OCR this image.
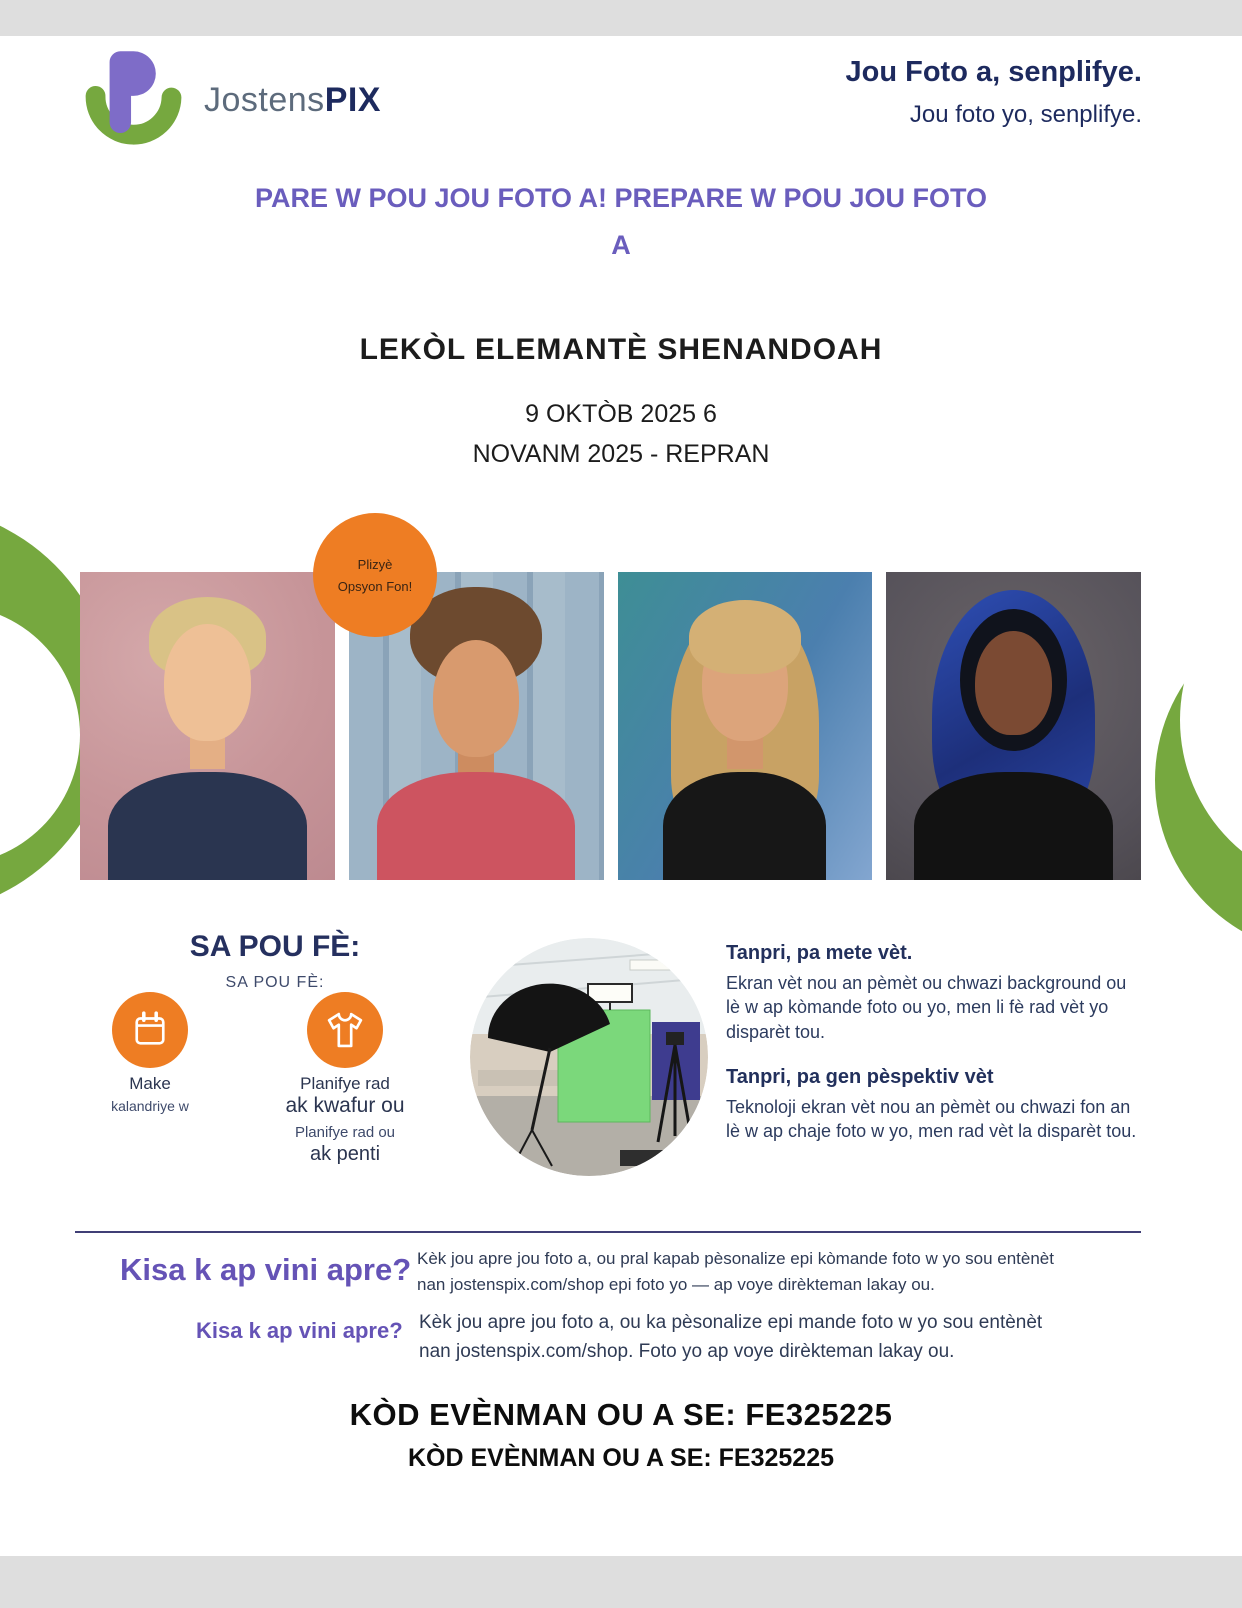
JostensPIX
Jou Foto a, senplifye.
Jou foto yo, senplifye.
PARE W POU JOU FOTO A! PREPARE W POU JOU FOTO
A
LEKÒL ELEMANTÈ SHENANDOAH
9 OKTÒB 2025 6
NOVANM 2025 - REPRAN
Plizyè
Opsyon Fon!
SA POU FÈ:
SA POU FÈ:
Make
kalandriye w
Planifye rad
ak kwafur ou
Planifye rad ou
ak penti
Tanpri, pa mete vèt.
Ekran vèt nou an pèmèt ou chwazi background ou lè w ap kòmande foto ou yo, men li fè rad vèt yo disparèt tou.
Tanpri, pa gen pèspektiv vèt
Teknoloji ekran vèt nou an pèmèt ou chwazi fon an lè w ap chaje foto w yo, men rad vèt la disparèt tou.
Kisa k ap vini apre? Kèk jou apre jou foto a, ou pral kapab pèsonalize epi kòmande foto w yo sou entènèt nan jostenspix.com/shop epi foto yo — ap voye dirèkteman lakay ou.
Kisa k ap vini apre? Kèk jou apre jou foto a, ou ka pèsonalize epi mande foto w yo sou entènèt nan jostenspix.com/shop. Foto yo ap voye dirèkteman lakay ou.
KÒD EVÈNMAN OU A SE: FE325225
KÒD EVÈNMAN OU A SE: FE325225
